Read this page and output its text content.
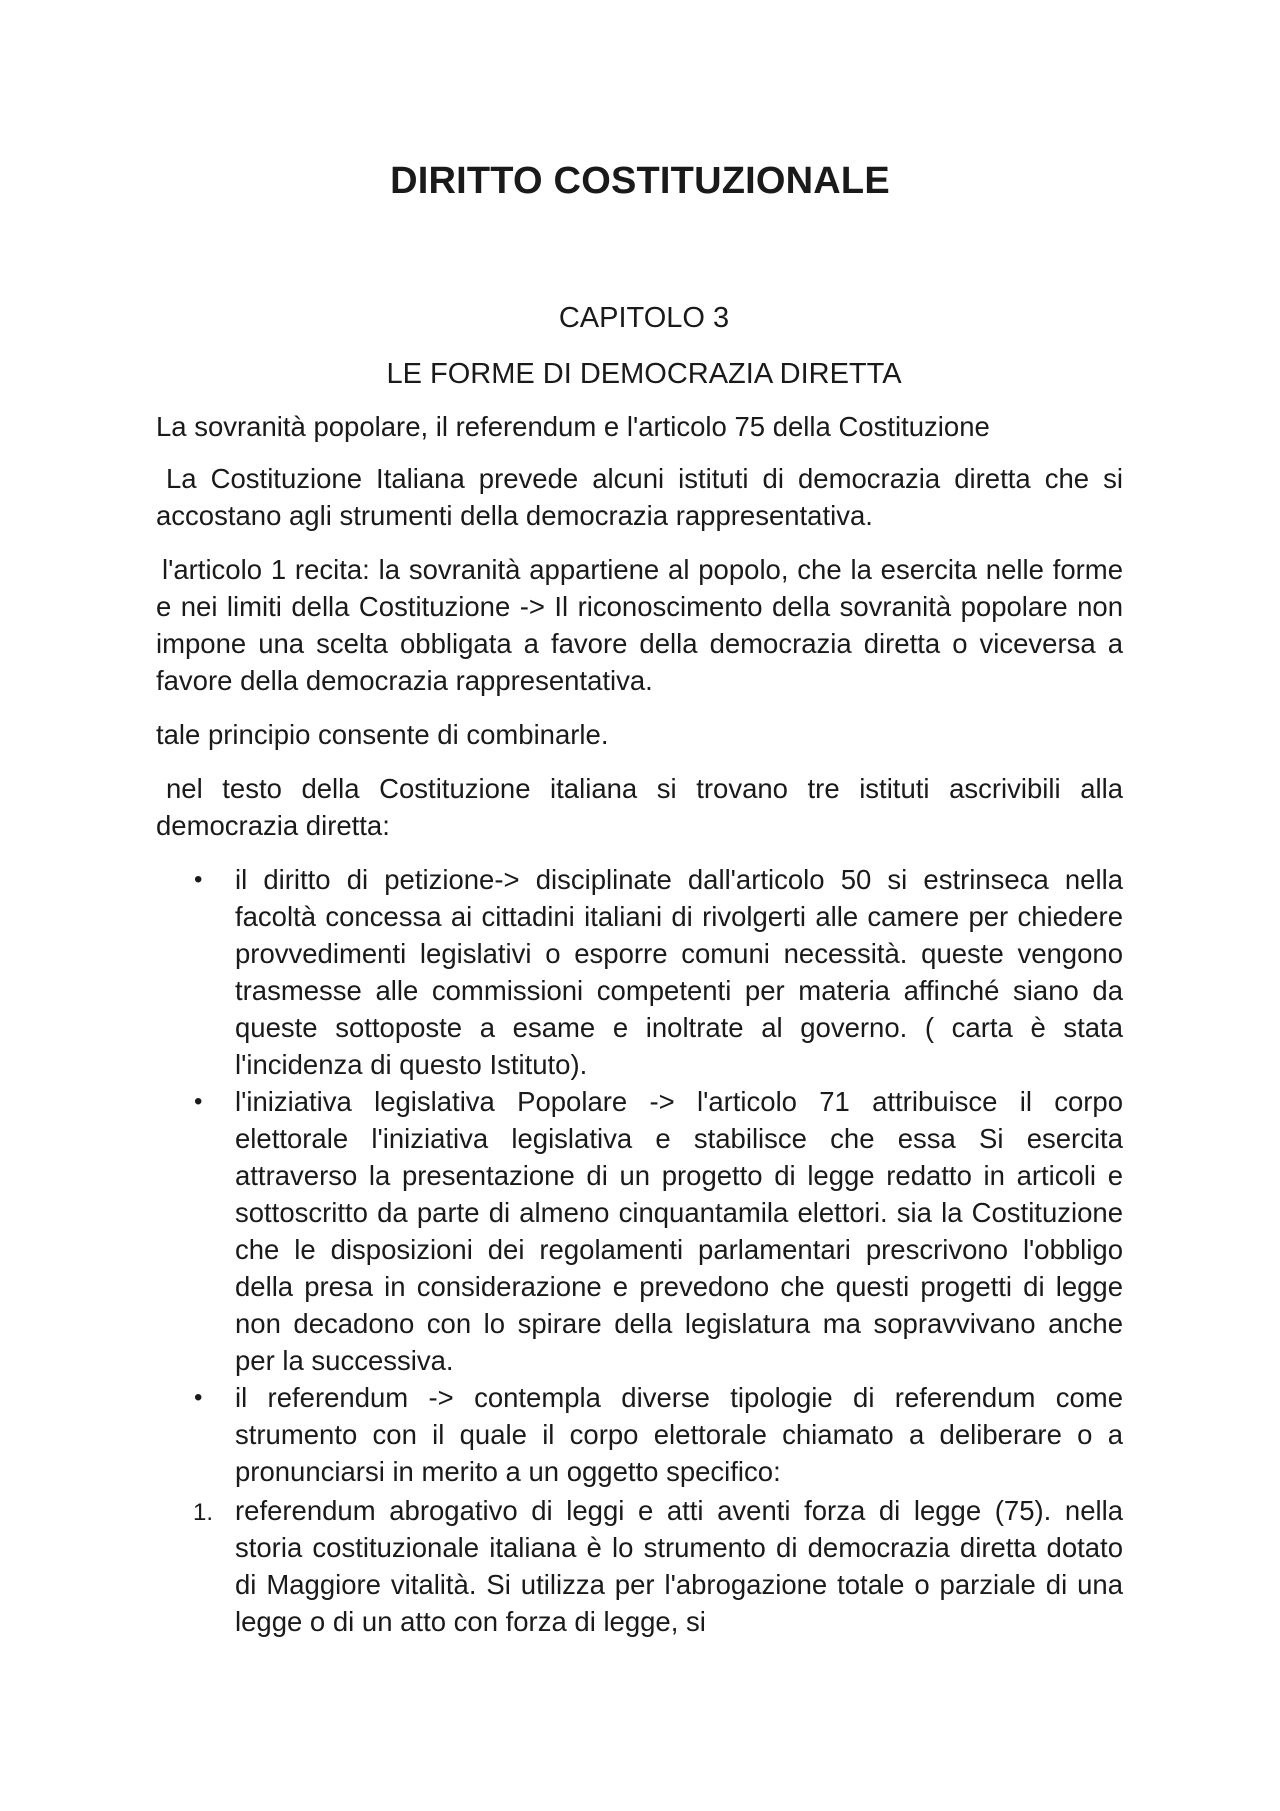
DIRITTO COSTITUZIONALE
CAPITOLO 3
LE FORME DI DEMOCRAZIA DIRETTA

La sovranità popolare, il referendum e l'articolo 75 della Costituzione

La Costituzione Italiana prevede alcuni istituti di democrazia diretta che si accostano agli strumenti della democrazia rappresentativa.

l'articolo 1 recita: la sovranità appartiene al popolo, che la esercita nelle forme e nei limiti della Costituzione -> Il riconoscimento della sovranità popolare non impone una scelta obbligata a favore della democrazia diretta o viceversa a favore della democrazia rappresentativa.

tale principio consente di combinarle.

nel testo della Costituzione italiana si trovano tre istituti ascrivibili alla democrazia diretta:

•	il diritto di petizione-> disciplinate dall'articolo 50 si estrinseca nella facoltà concessa ai cittadini italiani di rivolgerti alle camere per chiedere provvedimenti legislativi o esporre comuni necessità. queste vengono trasmesse alle commissioni competenti per materia affinché siano da queste sottoposte a esame e inoltrate al governo. ( carta è stata l'incidenza di questo Istituto).
•	l'iniziativa legislativa Popolare -> l'articolo 71 attribuisce il corpo elettorale l'iniziativa legislativa e stabilisce che essa Si esercita attraverso la presentazione di un progetto di legge redatto in articoli e sottoscritto da parte di almeno cinquantamila elettori. sia la Costituzione che le disposizioni dei regolamenti parlamentari prescrivono l'obbligo della presa in considerazione e prevedono che questi progetti di legge non decadono con lo spirare della legislatura ma sopravvivano anche per la successiva.
•	il referendum -> contempla diverse tipologie di referendum come strumento con il quale il corpo elettorale chiamato a deliberare o a pronunciarsi in merito a un oggetto specifico:
1. referendum abrogativo di leggi e atti aventi forza di legge (75). nella storia costituzionale italiana è lo strumento di democrazia diretta dotato di Maggiore vitalità. Si utilizza per l'abrogazione totale o parziale di una legge o di un atto con forza di legge, si
